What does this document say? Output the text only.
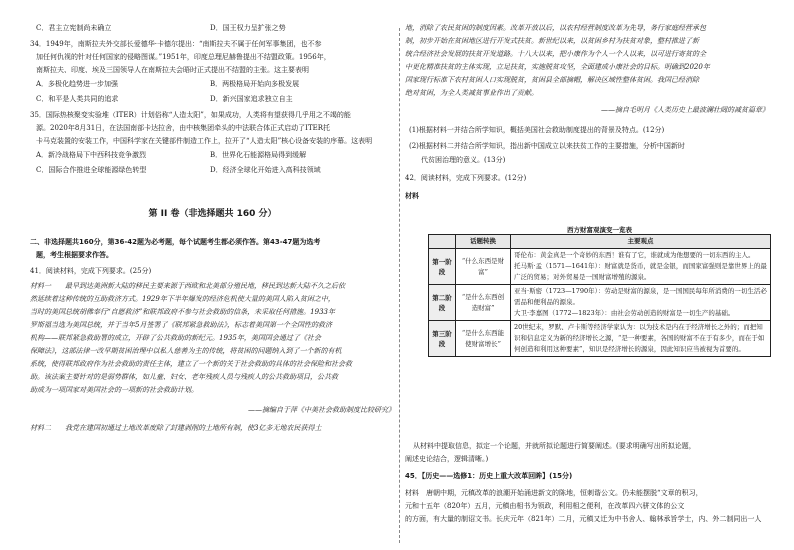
C．君主立宪制尚未确立	D．国王权力呈扩张之势
34．1949年，南斯拉夫外交部长爱德华·卡德尔提出：“南斯拉夫不属于任何军事集团，也不参
加任何仇视的针对任何国家的侵略图谋。”1951年，印度总理尼赫鲁提出不结盟政策。1956年，
南斯拉夫、印度、埃及三国领导人在南斯拉夫会晤时正式提出不结盟的主张。这主要表明
A．多极化趋势进一步加强	B．两极格局开始向多极发展
C．和平是人类共同的追求	D．新兴国家追求独立自主
35．国际热核聚变实验堆（ITER）计划俗称“人造太阳”，如果成功，人类将有望获得几乎用之不竭的能
源。2020年8月31日，在法国南部卡达拉舍，由中核集团牵头的中法联合体正式启动了ITER托
卡马克装置的安装工作，中国科学家在关键部件制造工作上，拉开了“人造太阳”核心设备安装的序幕。这表明
A．新冷战格局下中西科技竞争激烈	B．世界化石能源格局得到缓解
C．国际合作推进全球能源绿色转型	D．经济全球化开始进入高科技领域
第 II 卷（非选择题共 160 分）
二、非选择题共160分，第36-42题为必考题，每个试题考生都必须作答。第43-47题为选考
题，考生根据要求作答。
41．阅读材料，完成下列要求。(25分)
材料一　　最早到达美洲新大陆的移民主要来源于西欧和北美部分殖民地，移民到达新大陆不久之后依
然延续着这种传统的互助救济方式。1929年下半年爆发的经济危机使大量的美国人陷入贫困之中，
当时的美国总统胡佛奉行“自愿救济”和联邦政府不参与社会救助的信条，未采取任何措施。1933年
罗斯福当选为美国总统，并于当年5月签署了《联邦紧急救助法》，标志着美国第一个全国性的救济
机构——联邦紧急救助署的成立，开辟了公共救助的新纪元。1935年，美国国会通过了《社会
保障法》，这部法律一改早期贫困治理中以私人慈善为主的传统，将贫困的问题纳入到了一个新的有机
系统，使得联邦政府作为社会救助的责任主体，建立了一个新的关于社会救助的具体的社会保险和社会救
助。该法案主要针对的是弱势群体，如儿童、妇女、老年残疾人员与残疾人的公共救助项目，公共救
助成为一项国家对美国社会的一项新的社会救助计划。
——摘编自于萍《中美社会救助制度比较研究》
材料二　　我党在建国初通过土地改革废除了封建剥削的土地所有制，使3亿多无地农民获得土
地，消除了农民贫困的制度因素。改革开放以后，以农村经营制度改革为先导，务行家庭经营承包
制，初步开始在贫困地区进行开发式扶贫。新世纪以来，以贫困乡村为扶贫对象，整村推进了新
统合经济社会发展的扶贫开发道路。十八大以来，把小康作为个人一个人以来，以可进行寄贫的全
中更化精准扶贫的主体实现，立足扶贫，实施脱贫攻坚，全面建成小康社会的目标。明确到2020年
国家现行标准下农村贫困人口实现脱贫，贫困县全部摘帽，解决区域性整体贫困。我国已经消除
绝对贫困，为全人类减贫事业作出了贡献。
——摘自毛明月《人类历史上最波澜壮阔的减贫篇章》
(1)根据材料一并结合所学知识，概括美国社会救助制度提出的背景及特点。(12分)
(2)根据材料二并结合所学知识，指出新中国成立以来扶贫工作的主要措施，分析中国新时
代贫困治理的意义。(13分)
42．阅读材料，完成下列要求。(12分)
材料
西方财富观演变一览表
	话题转换	主要观点
第一阶段	“什么东西是财富”	哥伦布：黄金真是一个奇妙的东西！谁有了它，谁就成为他想要的一切东西的主人。
托马斯·孟（1571—1641年）：财富就是货币，就是金银，而国家富强则是靠世界上的最广泛的贸易；对外贸易是一国财富增殖的源泉。

第二阶段	“是什么东西创造财富”	亚当·斯密（1723—1790年）：劳动是财富的源泉，是一国国民每年所消费的一切生活必需品和便利品的源泉。
大卫·李嘉图（1772—1823年）：由社会劳动创造的财富是一切生产的基础。

第三阶段	“是什么东西能使财富增长”	20世纪末，罗默、卢卡斯等经济学家认为：以为技术是内在于经济增长之外的；而把知识和信息定义为新的经济增长之源，“是一种要素，各国的财富不在于有多少，而在于如何创造和利用这种要素”，知识是经济增长的源泉，因此知识应当被视为首要的。
从材料中提取信息，拟定一个论题，并就所拟论题进行简要阐述。(要求明确写出所拟论题，
阐述史论结合，逻辑清晰。)
45．【历史——选修1：历史上重大改革回眸】(15分)
材料　唐朝中期，元稹改革的浪潮开始涌进新文的陈地，恒刺谐公文。仍未能摆脱“文章的积习，
元和十五年（820年）五月，元稹由相书为领政，利用相之便利，在改革四六骈文体的公文
的方面，有大量的制诏文书。长庆元年（821年）二月，元稹又迁为中书舍人、翰林承旨学士，内、外二制同出一人
